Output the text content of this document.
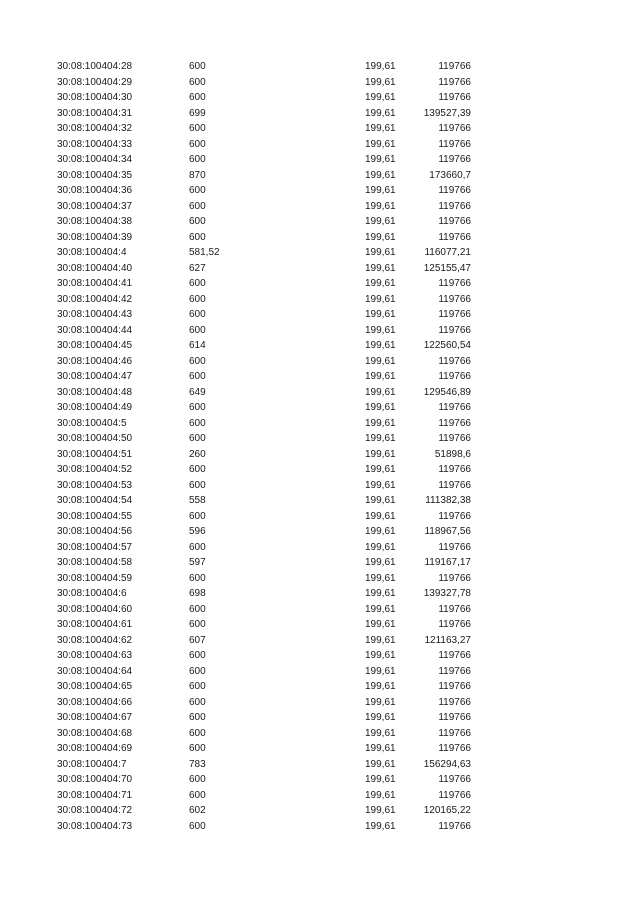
30:08:100404:28	600	199,61	119766
30:08:100404:29	600	199,61	119766
30:08:100404:30	600	199,61	119766
30:08:100404:31	699	199,61	139527,39
30:08:100404:32	600	199,61	119766
30:08:100404:33	600	199,61	119766
30:08:100404:34	600	199,61	119766
30:08:100404:35	870	199,61	173660,7
30:08:100404:36	600	199,61	119766
30:08:100404:37	600	199,61	119766
30:08:100404:38	600	199,61	119766
30:08:100404:39	600	199,61	119766
30:08:100404:4	581,52	199,61	116077,21
30:08:100404:40	627	199,61	125155,47
30:08:100404:41	600	199,61	119766
30:08:100404:42	600	199,61	119766
30:08:100404:43	600	199,61	119766
30:08:100404:44	600	199,61	119766
30:08:100404:45	614	199,61	122560,54
30:08:100404:46	600	199,61	119766
30:08:100404:47	600	199,61	119766
30:08:100404:48	649	199,61	129546,89
30:08:100404:49	600	199,61	119766
30:08:100404:5	600	199,61	119766
30:08:100404:50	600	199,61	119766
30:08:100404:51	260	199,61	51898,6
30:08:100404:52	600	199,61	119766
30:08:100404:53	600	199,61	119766
30:08:100404:54	558	199,61	111382,38
30:08:100404:55	600	199,61	119766
30:08:100404:56	596	199,61	118967,56
30:08:100404:57	600	199,61	119766
30:08:100404:58	597	199,61	119167,17
30:08:100404:59	600	199,61	119766
30:08:100404:6	698	199,61	139327,78
30:08:100404:60	600	199,61	119766
30:08:100404:61	600	199,61	119766
30:08:100404:62	607	199,61	121163,27
30:08:100404:63	600	199,61	119766
30:08:100404:64	600	199,61	119766
30:08:100404:65	600	199,61	119766
30:08:100404:66	600	199,61	119766
30:08:100404:67	600	199,61	119766
30:08:100404:68	600	199,61	119766
30:08:100404:69	600	199,61	119766
30:08:100404:7	783	199,61	156294,63
30:08:100404:70	600	199,61	119766
30:08:100404:71	600	199,61	119766
30:08:100404:72	602	199,61	120165,22
30:08:100404:73	600	199,61	119766
